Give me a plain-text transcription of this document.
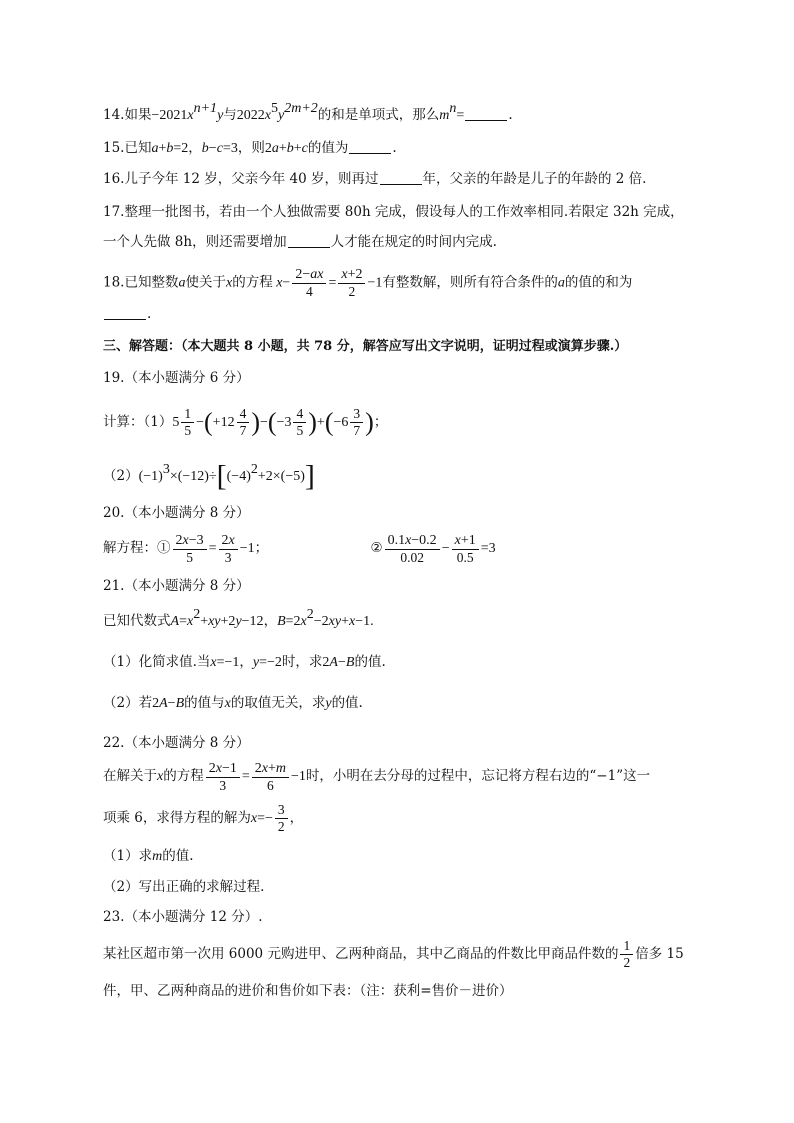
14.如果$-2021x^{n+1}y$与$2022x^5y^{2m+2}$的和是单项式，那么$m^n=$	.
15.已知a+b=2，b−c=3，则2a+b+c的值为	.
16.儿子今年 12 岁，父亲今年 40 岁，则再过	年，父亲的年龄是儿子的年龄的 2 倍.
17.整理一批图书，若由一个人独做需要 80h 完成，假设每人的工作效率相同.若限定 32h 完成，
一个人先做 8h，则还需要增加	人才能在规定的时间内完成.
18.已知整数a使关于x的方程 $x- \frac{2-ax}{4} = \frac{x+2}{2} -1$有整数解，则所有符合条件的a的值的和为
.
三、解答题：（本大题共 8 小题，共 78 分，解答应写出文字说明，证明过程或演算步骤.）
19.（本小题满分 6 分）
计算：$(1)5 \frac{1}{5} -(+12 \frac{4}{7} )-(-3 \frac{4}{5} )+(-6 \frac{3}{7}$ )；
$(2)(-1)^3\times(-12)\div[(-4)^2+2\times(-5)]$
20.（本小题满分 8 分）
解方程：① $\frac{2x-3}{5} = \frac{2x}{3} -1$；	② $\frac{0.1x-0.2}{0.02} - \frac{x+1}{0.5} =3$
21.（本小题满分 8 分）
已知代数式$A=x^2+xy+2y-12$，$B=2x^2-2xy+x-1$.
（1）化简求值.当x=−1，y=−2时，求2A−B的值.
（2）若2A−B的值与x的取值无关，求y的值.
22.（本小题满分 8 分）
在解关于x的方程 $\frac{2x-1}{3} = \frac{2x+m}{6} -1$时，小明在去分母的过程中，忘记将方程右边的“−1”这一
项乘 6，求得方程的解为$x=- \frac{3}{2}$ ，
（1）求m的值.
（2）写出正确的求解过程.
23.（本小题满分 12 分）.
某社区超市第一次用 6000 元购进甲、乙两种商品，其中乙商品的件数比甲商品件数的 $\frac{1}{2}$ 倍多 15
件，甲、乙两种商品的进价和售价如下表：（注：获利=售价－进价）
